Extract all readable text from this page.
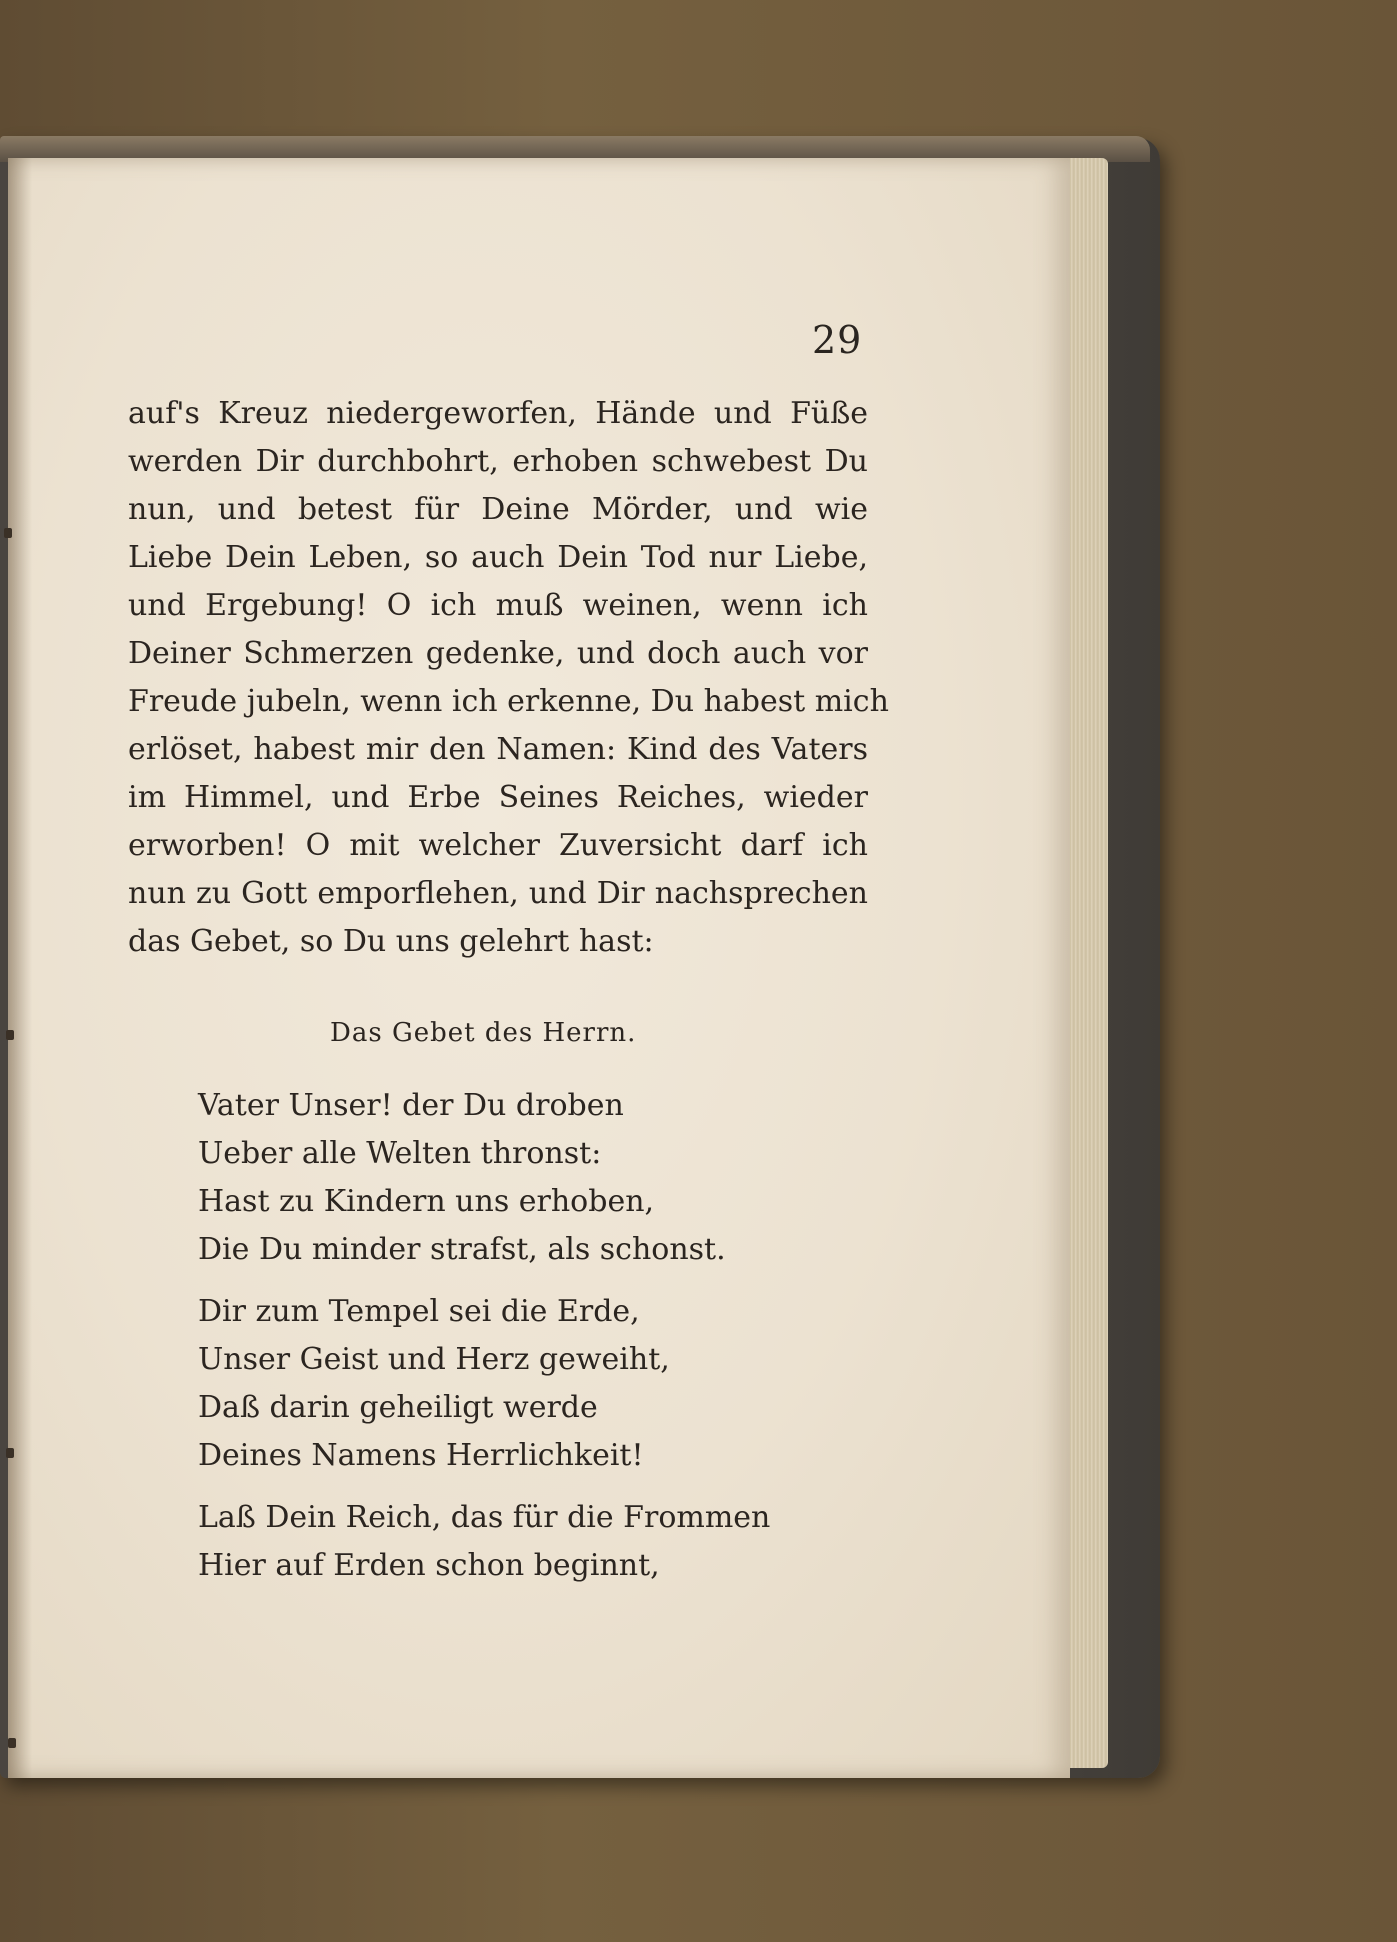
29
auf's Kreuz niedergeworfen, Hände und Füße
werden Dir durchbohrt, erhoben schwebest Du
nun, und betest für Deine Mörder, und wie
Liebe Dein Leben, so auch Dein Tod nur Liebe,
und Ergebung! O ich muß weinen, wenn ich
Deiner Schmerzen gedenke, und doch auch vor
Freude jubeln, wenn ich erkenne, Du habest mich
erlöset, habest mir den Namen: Kind des Vaters
im Himmel, und Erbe Seines Reiches, wieder
erworben! O mit welcher Zuversicht darf ich
nun zu Gott emporflehen, und Dir nachsprechen
das Gebet, so Du uns gelehrt hast:
Das Gebet des Herrn.
Vater Unser! der Du droben
Ueber alle Welten thronst:
Hast zu Kindern uns erhoben,
Die Du minder strafst, als schonst.
Dir zum Tempel sei die Erde,
Unser Geist und Herz geweiht,
Daß darin geheiligt werde
Deines Namens Herrlichkeit!
Laß Dein Reich, das für die Frommen
Hier auf Erden schon beginnt,
